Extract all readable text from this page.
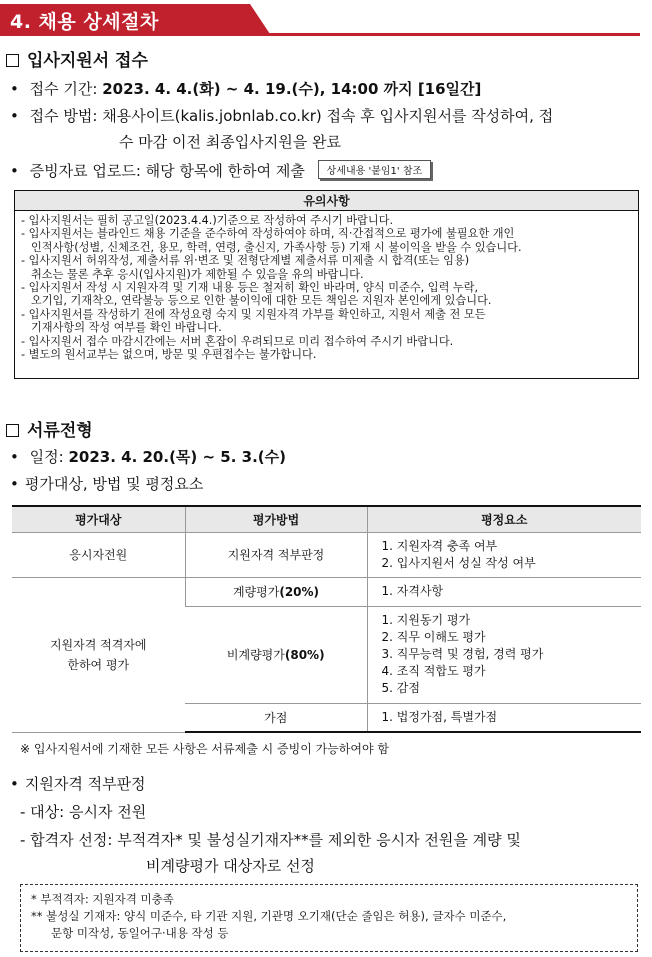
4. 채용 상세절차
입사지원서 접수
• 접수 기간: 2023. 4. 4.(화) ~ 4. 19.(수), 14:00 까지 [16일간]
• 접수 방법: 채용사이트(kalis.jobnlab.co.kr) 접속 후 입사지원서를 작성하여, 접
수 마감 이전 최종입사지원을 완료
• 증빙자료 업로드: 해당 항목에 한하여 제출 상세내용 '붙임1' 참조
유의사항
- 입사지원서는 필히 공고일(2023.4.4.)기준으로 작성하여 주시기 바랍니다.
- 입사지원서는 블라인드 채용 기준을 준수하여 작성하여야 하며, 직·간접적으로 평가에 불필요한 개인
인적사항(성별, 신체조건, 용모, 학력, 연령, 출신지, 가족사항 등) 기재 시 불이익을 받을 수 있습니다.
- 입사지원서 허위작성, 제출서류 위·변조 및 전형단계별 제출서류 미제출 시 합격(또는 임용)
취소는 물론 추후 응시(입사지원)가 제한될 수 있음을 유의 바랍니다.
- 입사지원서 작성 시 지원자격 및 기재 내용 등은 철저히 확인 바라며, 양식 미준수, 입력 누락,
오기입, 기재착오, 연락불능 등으로 인한 불이익에 대한 모든 책임은 지원자 본인에게 있습니다.
- 입사지원서를 작성하기 전에 작성요령 숙지 및 지원자격 가부를 확인하고, 지원서 제출 전 모든
기재사항의 작성 여부를 확인 바랍니다.
- 입사지원서 접수 마감시간에는 서버 혼잡이 우려되므로 미리 접수하여 주시기 바랍니다.
- 별도의 원서교부는 없으며, 방문 및 우편접수는 불가합니다.
서류전형
• 일정: 2023. 4. 20.(목) ~ 5. 3.(수)
• 평가대상, 방법 및 평정요소
평가대상	평가방법	평정요소
응시자전원	지원자격 적부판정	1. 지원자격 충족 여부
2. 입사지원서 성실 작성 여부

지원자격 적격자에
한하여 평가	계량평가(20%)	1. 자격사항
	비계량평가(80%)	1. 지원동기 평가
2. 직무 이해도 평가
3. 직무능력 및 경험, 경력 평가
4. 조직 적합도 평가
5. 감점

	가점	1. 법정가점, 특별가점
※ 입사지원서에 기재한 모든 사항은 서류제출 시 증빙이 가능하여야 함
• 지원자격 적부판정
- 대상: 응시자 전원
- 합격자 선정: 부적격자* 및 불성실기재자**를 제외한 응시자 전원을 계량 및
비계량평가 대상자로 선정
* 부적격자: 지원자격 미충족
** 불성실 기재자: 양식 미준수, 타 기관 지원, 기관명 오기재(단순 줄임은 허용), 글자수 미준수,
문항 미작성, 동일어구·내용 작성 등
